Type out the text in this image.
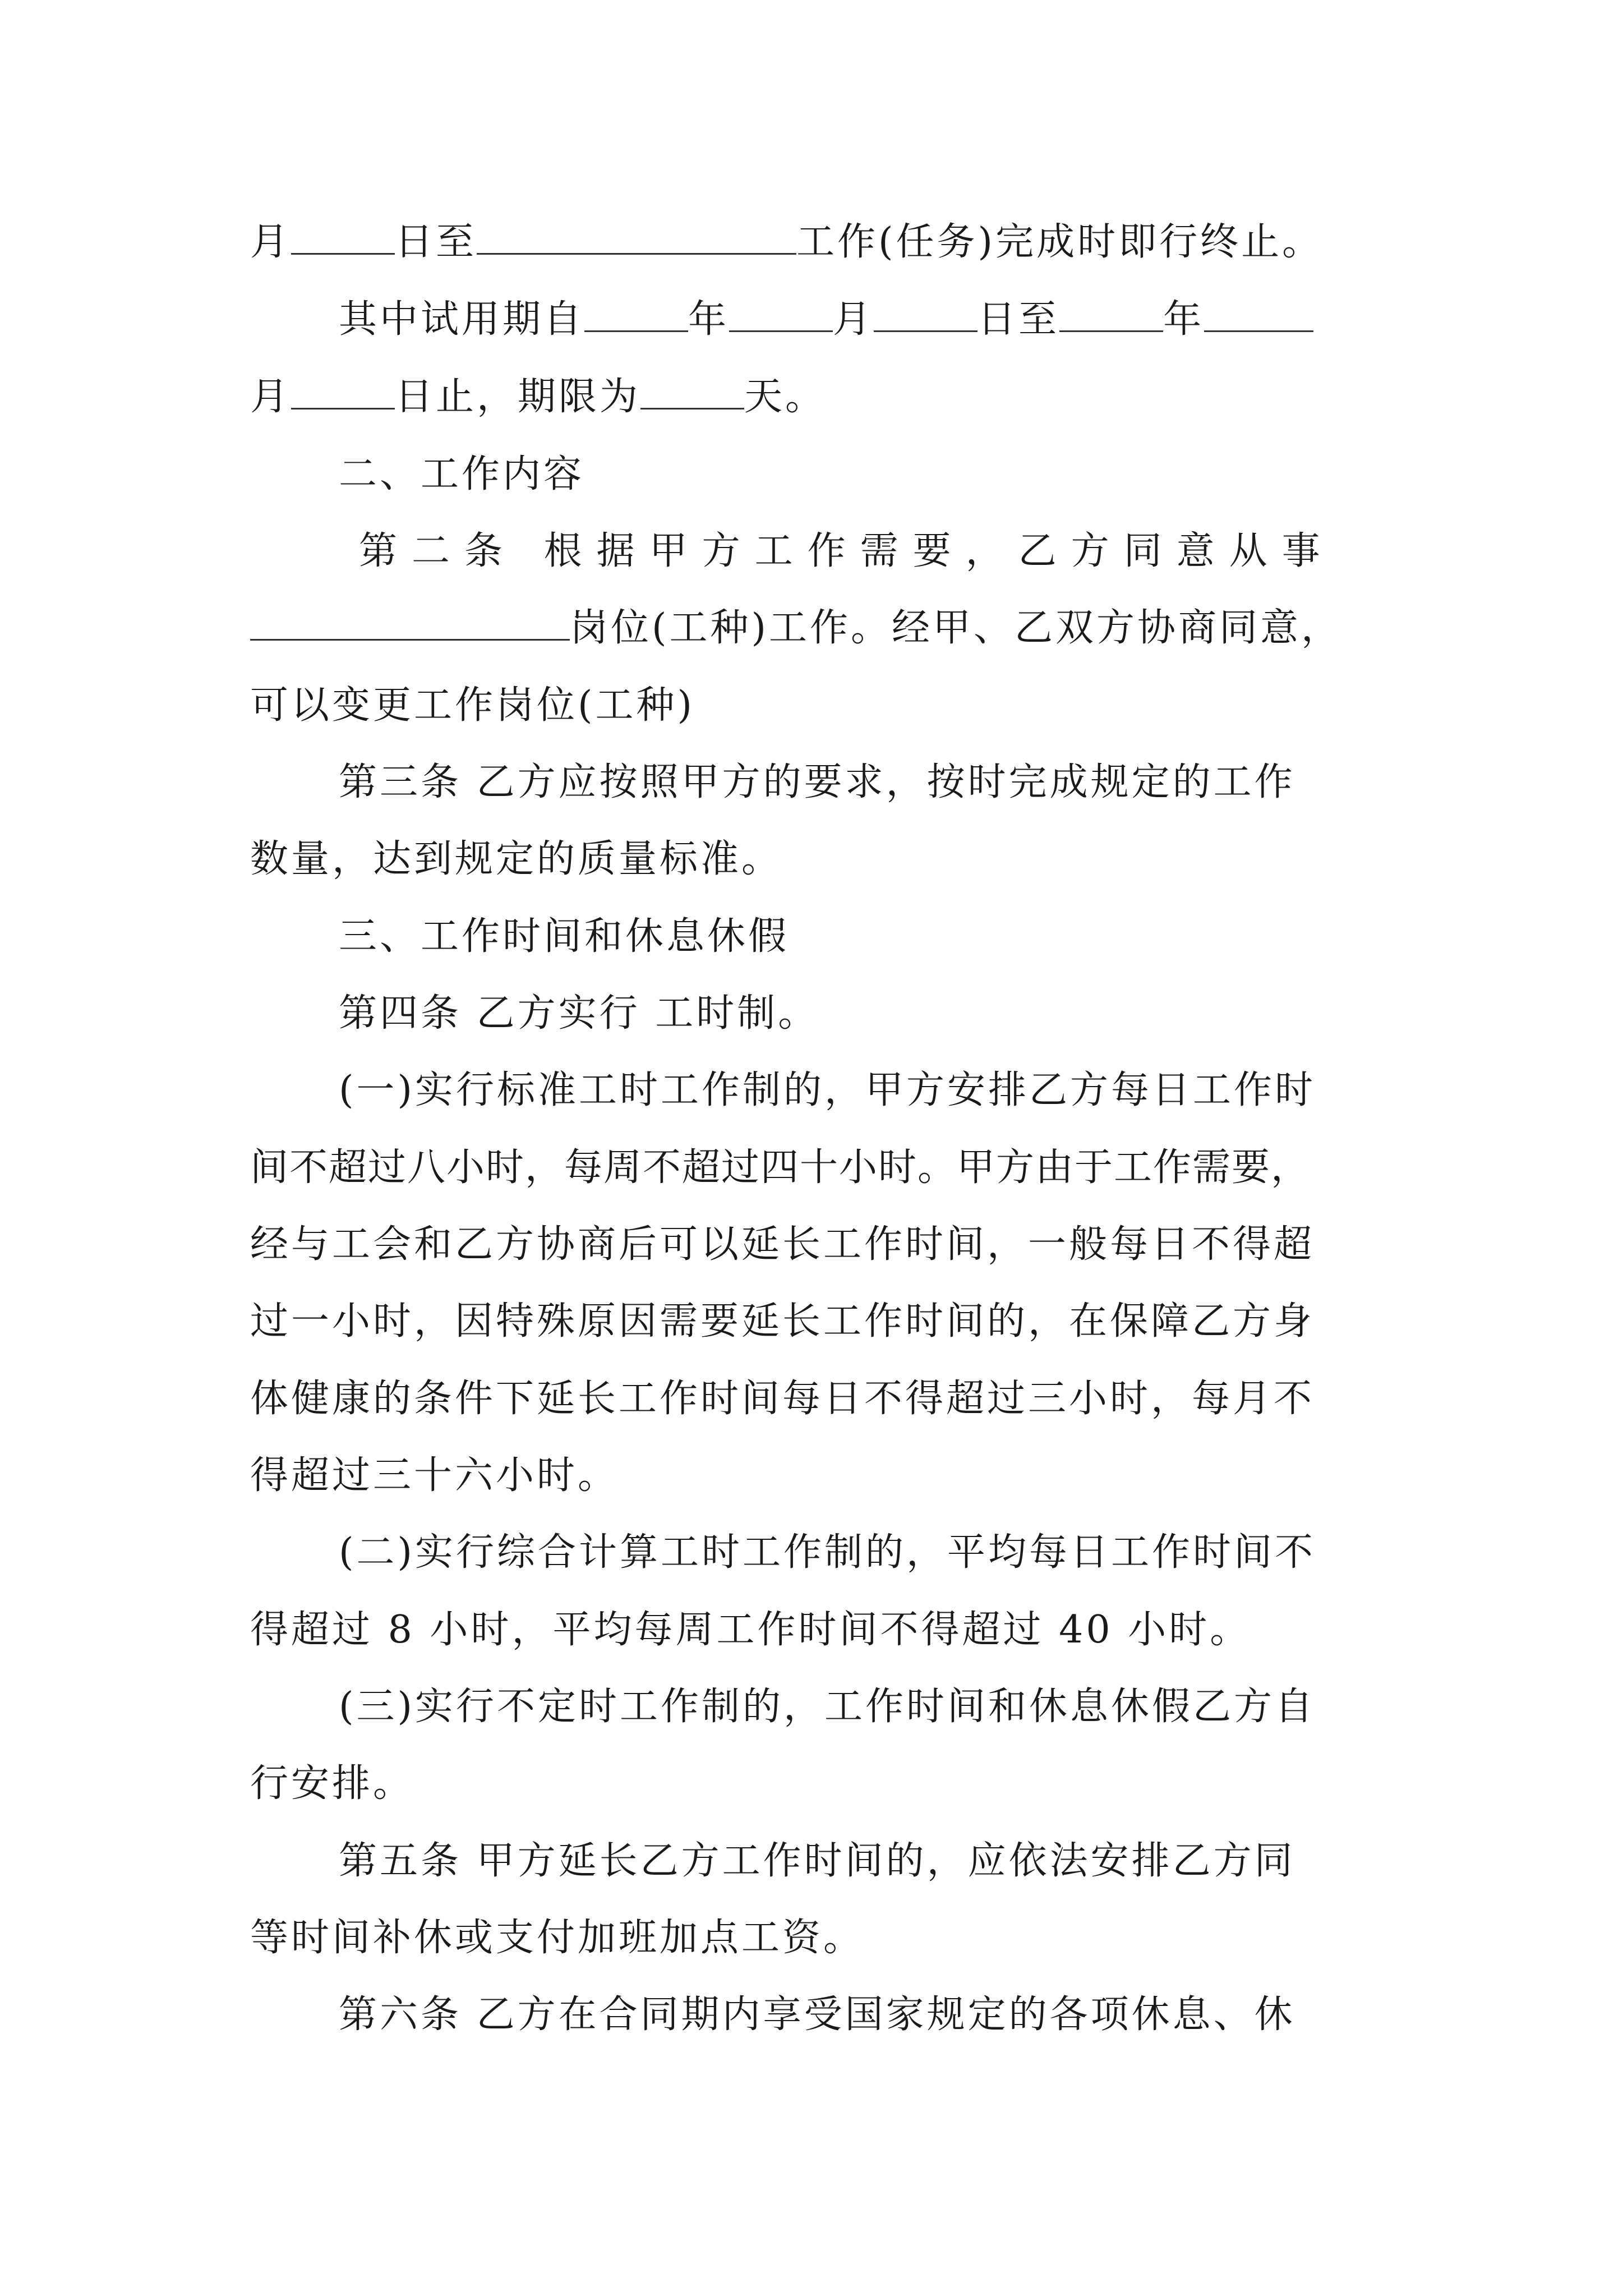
月	日至	工作(任务)完成时即行终止。
其中试用期自	年	月	日至	年
月	日止，期限为	天。
二、工作内容
第二条 根据甲方工作需要，乙方同意从事
岗位(工种)工作。经甲、乙双方协商同意，
可以变更工作岗位(工种)
第三条 乙方应按照甲方的要求，按时完成规定的工作
数量，达到规定的质量标准。
三、工作时间和休息休假
第四条 乙方实行 工时制。
(一)实行标准工时工作制的，甲方安排乙方每日工作时
间不超过八小时，每周不超过四十小时。甲方由于工作需要，
经与工会和乙方协商后可以延长工作时间，一般每日不得超
过一小时，因特殊原因需要延长工作时间的，在保障乙方身
体健康的条件下延长工作时间每日不得超过三小时，每月不
得超过三十六小时。
(二)实行综合计算工时工作制的，平均每日工作时间不
得超过 8 小时，平均每周工作时间不得超过 40 小时。
(三)实行不定时工作制的，工作时间和休息休假乙方自
行安排。
第五条 甲方延长乙方工作时间的，应依法安排乙方同
等时间补休或支付加班加点工资。
第六条 乙方在合同期内享受国家规定的各项休息、休
